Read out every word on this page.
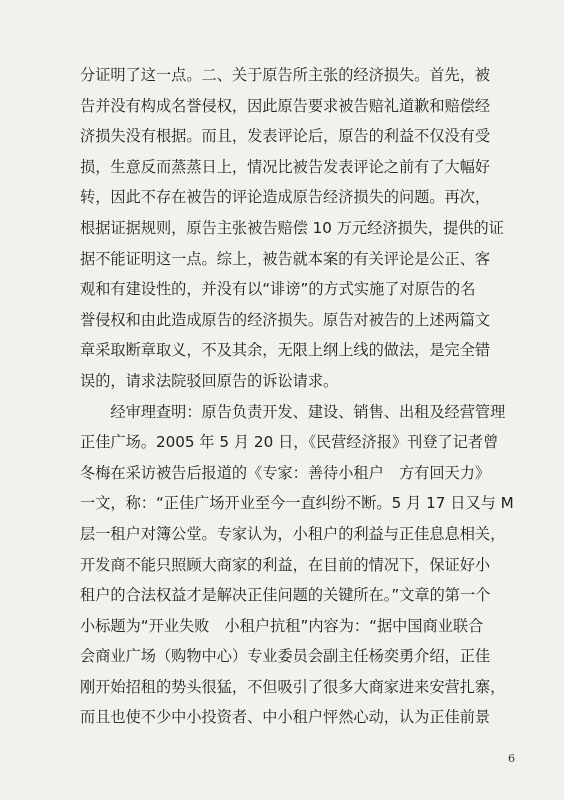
分证明了这一点。二、关于原告所主张的经济损失。首先，被
告并没有构成名誉侵权，因此原告要求被告赔礼道歉和赔偿经
济损失没有根据。而且，发表评论后，原告的利益不仅没有受
损，生意反而蒸蒸日上，情况比被告发表评论之前有了大幅好
转，因此不存在被告的评论造成原告经济损失的问题。再次，
根据证据规则，原告主张被告赔偿 10 万元经济损失，提供的证
据不能证明这一点。综上，被告就本案的有关评论是公正、客
观和有建设性的，并没有以“诽谤”的方式实施了对原告的名
誉侵权和由此造成原告的经济损失。原告对被告的上述两篇文
章采取断章取义，不及其余，无限上纲上线的做法，是完全错
误的，请求法院驳回原告的诉讼请求。
　　经审理查明：原告负责开发、建设、销售、出租及经营管理
正佳广场。2005 年 5 月 20 日，《民营经济报》刊登了记者曾
冬梅在采访被告后报道的《专家：善待小租户　方有回天力》
一文，称：“正佳广场开业至今一直纠纷不断。5 月 17 日又与 M
层一租户对簿公堂。专家认为，小租户的利益与正佳息息相关，
开发商不能只照顾大商家的利益，在目前的情况下，保证好小
租户的合法权益才是解决正佳问题的关键所在。”文章的第一个
小标题为“开业失败　小租户抗租”内容为：“据中国商业联合
会商业广场（购物中心）专业委员会副主任杨奕勇介绍，正佳
刚开始招租的势头很猛，不但吸引了很多大商家进来安营扎寨，
而且也使不少中小投资者、中小租户怦然心动，认为正佳前景
6
